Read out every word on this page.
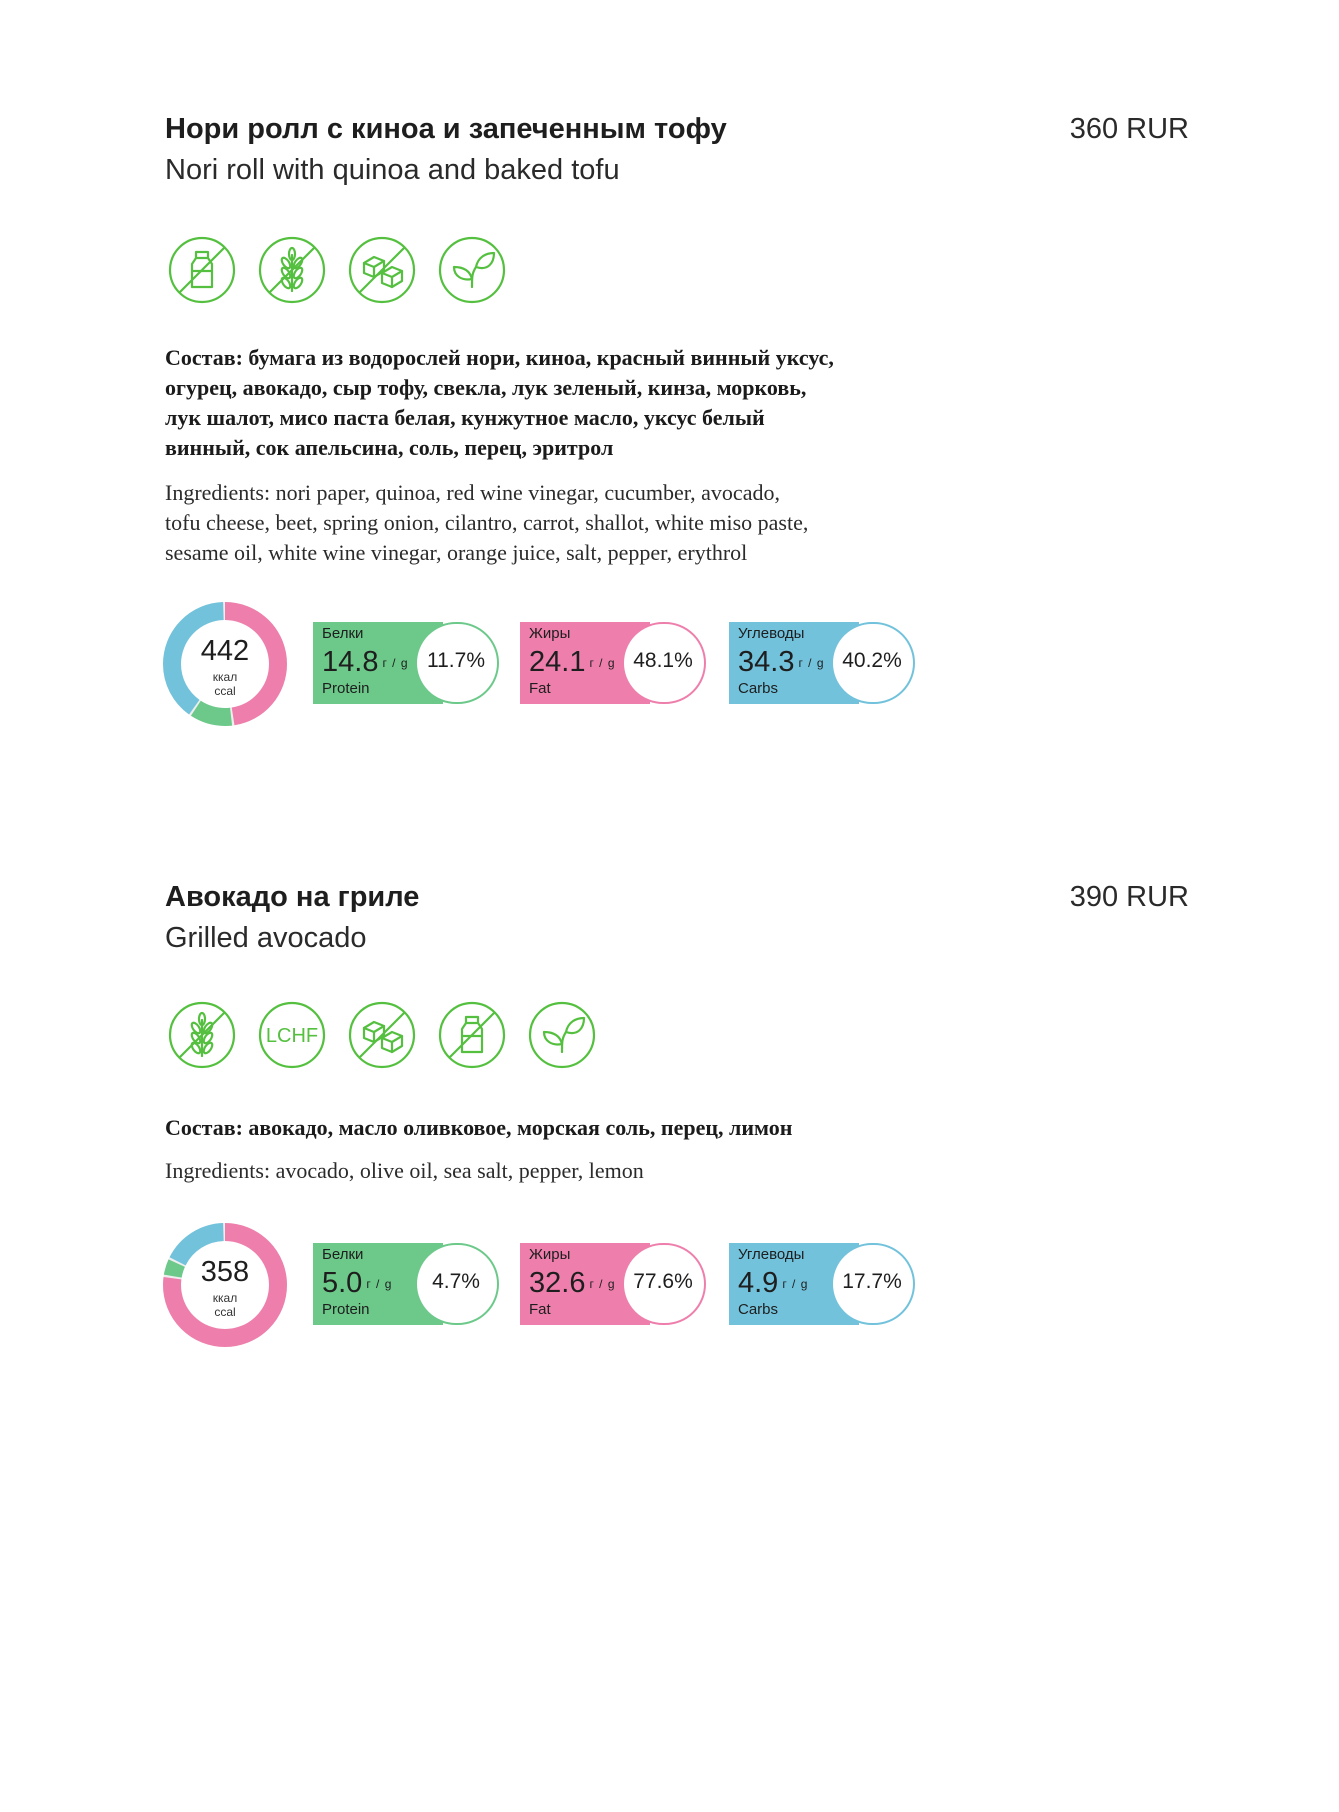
Нори ролл с киноа и запеченным тофу
Nori roll with quinoa and baked tofu
360 RUR
Состав: бумага из водорослей нори, киноа, красный винный уксус,
огурец, авокадо, сыр тофу, свекла, лук зеленый, кинза, морковь,
лук шалот, мисо паста белая, кунжутное масло, уксус белый
винный, сок апельсина, соль, перец, эритрол
Ingredients: nori paper, quinoa, red wine vinegar, cucumber, avocado,
tofu cheese, beet, spring onion, cilantro, carrot, shallot, white miso paste,
sesame oil, white wine vinegar, orange juice, salt, pepper, erythrol
442
ккал
ccal
Белки
14.8 г / g
Protein
11.7%
Жиры
24.1 г / g
Fat
48.1%
Углеводы
34.3 г / g
Carbs
40.2%
Авокадо на гриле
Grilled avocado
390 RUR
LCHF
Состав: авокадо, масло оливковое, морская соль, перец, лимон
Ingredients: avocado, olive oil, sea salt, pepper, lemon
358
ккал
ccal
Белки
5.0 г / g
Protein
4.7%
Жиры
32.6 г / g
Fat
77.6%
Углеводы
4.9 г / g
Carbs
17.7%
